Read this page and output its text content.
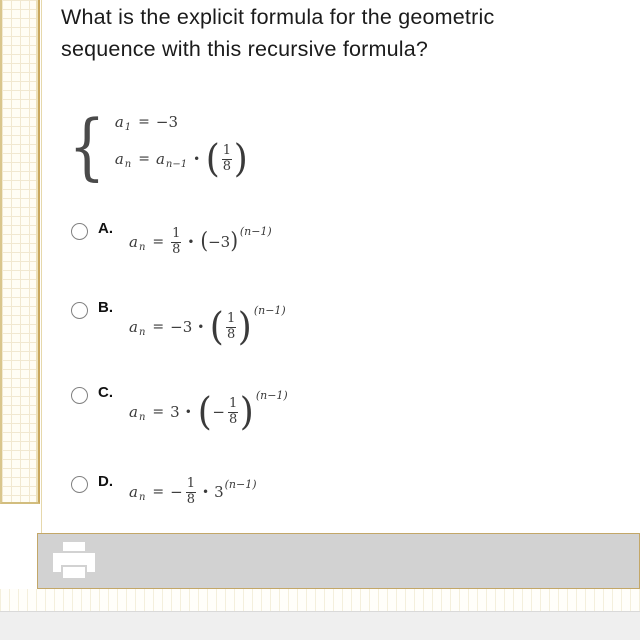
What is the explicit formula for the geometric sequence with this recursive formula?
{ a 1 = −3
a n = a n−1 • ( $\frac{1}{8}$ )
A.
a $n = \frac{1}{8}$ • ( −3 ) (n−1)
B.
a n = −3 • ( $\frac{1}{8}$ ) (n−1)
C.
a n = 3 • ( − $\frac{1}{8}$ ) (n−1)
D.
a n = − $\frac{1}{8}$ • 3 (n−1)
